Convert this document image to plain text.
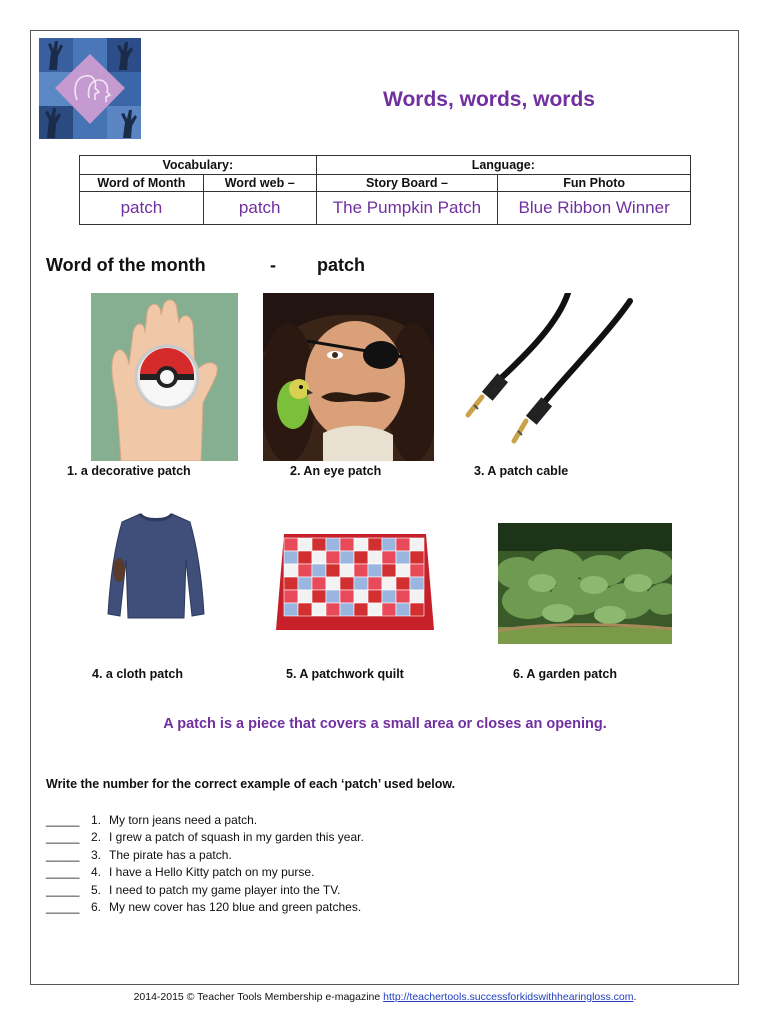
Words, words, words
Vocabulary:		Language:	
Word of Month	Word web –	Story Board –	Fun Photo
patch	patch	The Pumpkin Patch	Blue Ribbon Winner
Word of the month	- patch
1. a decorative patch	2. An eye patch	3. A patch cable
4. a cloth patch	5. A patchwork quilt	6. A garden patch
A patch is a piece that covers a small area or closes an opening.
Write the number for the correct example of each ‘patch’ used below.
_____ 1. My torn jeans need a patch.
_____ 2. I grew a patch of squash in my garden this year.
_____ 3. The pirate has a patch.
_____ 4. I have a Hello Kitty patch on my purse.
_____ 5. I need to patch my game player into the TV.
_____ 6. My new cover has 120 blue and green patches.
2014-2015 © Teacher Tools Membership e-magazine http://teachertools.successforkidswithhearingloss.com.
